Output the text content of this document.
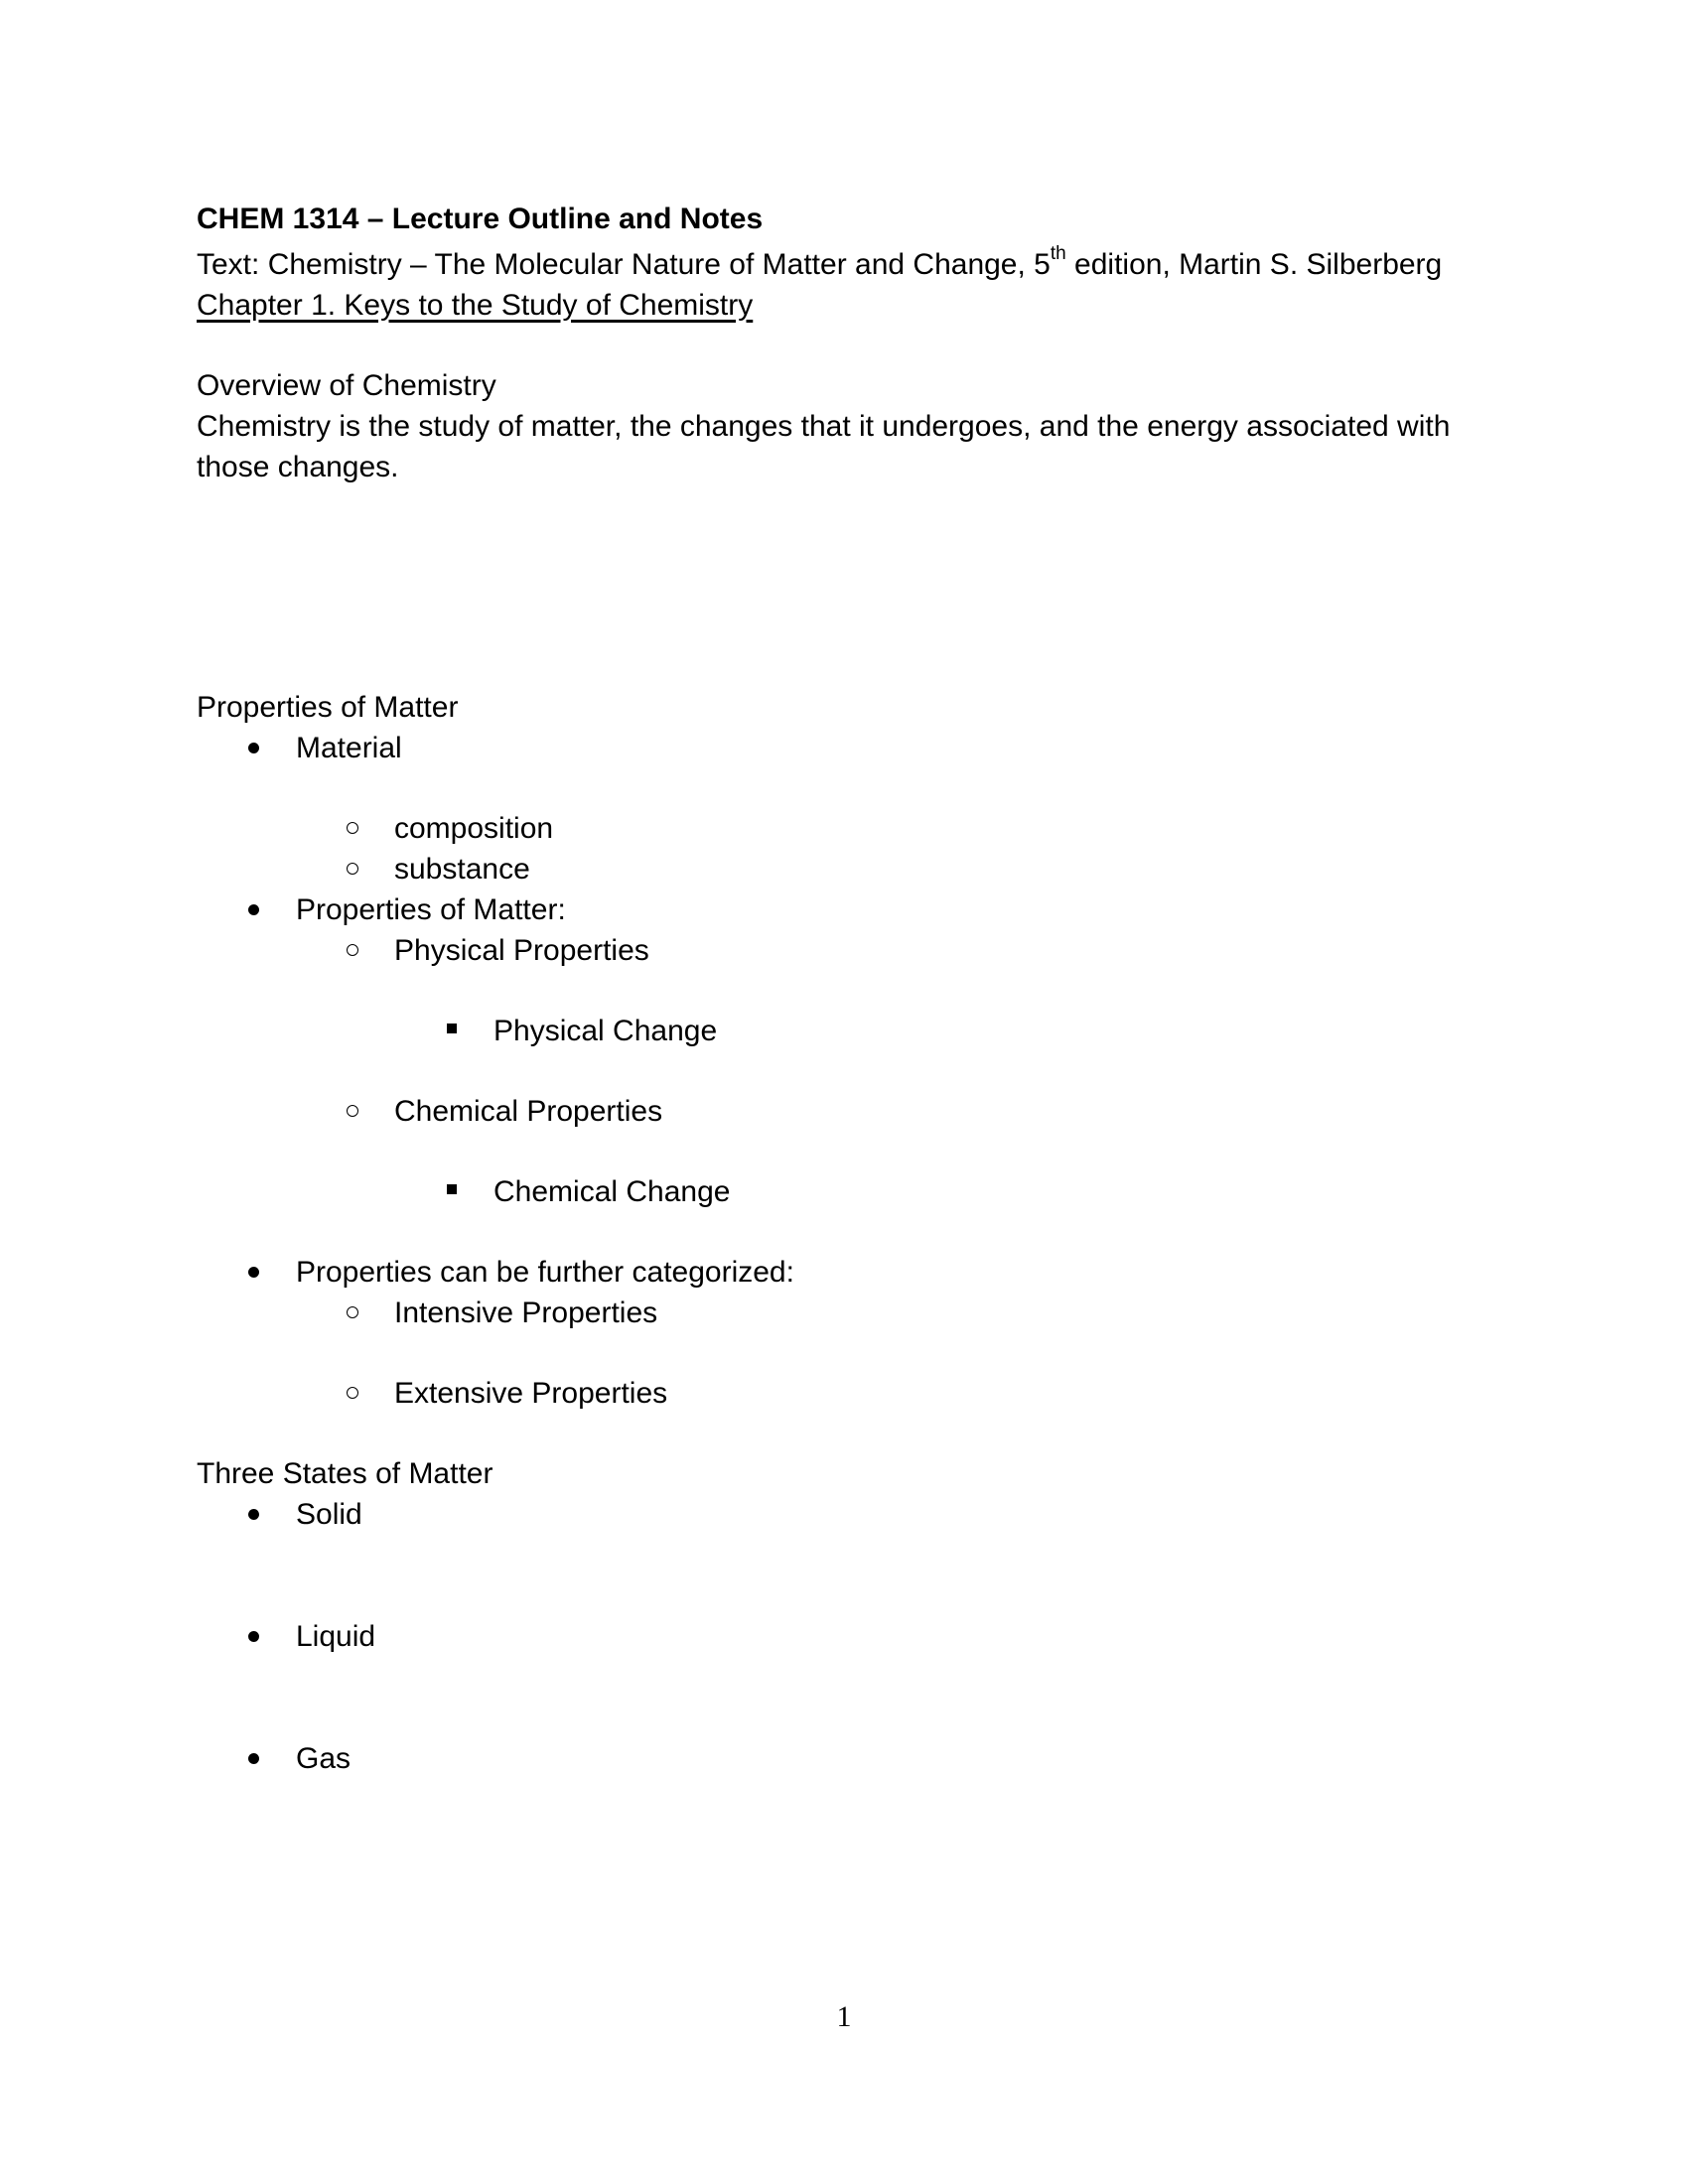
CHEM 1314 – Lecture Outline and Notes
Text: Chemistry – The Molecular Nature of Matter and Change, 5th edition, Martin S. Silberberg
Chapter 1. Keys to the Study of Chemistry
Overview of Chemistry
Chemistry is the study of matter, the changes that it undergoes, and the energy associated with
those changes.
Properties of Matter
Material
composition
substance
Properties of Matter:
Physical Properties
Physical Change
Chemical Properties
Chemical Change
Properties can be further categorized:
Intensive Properties
Extensive Properties
Three States of Matter
Solid
Liquid
Gas
1
